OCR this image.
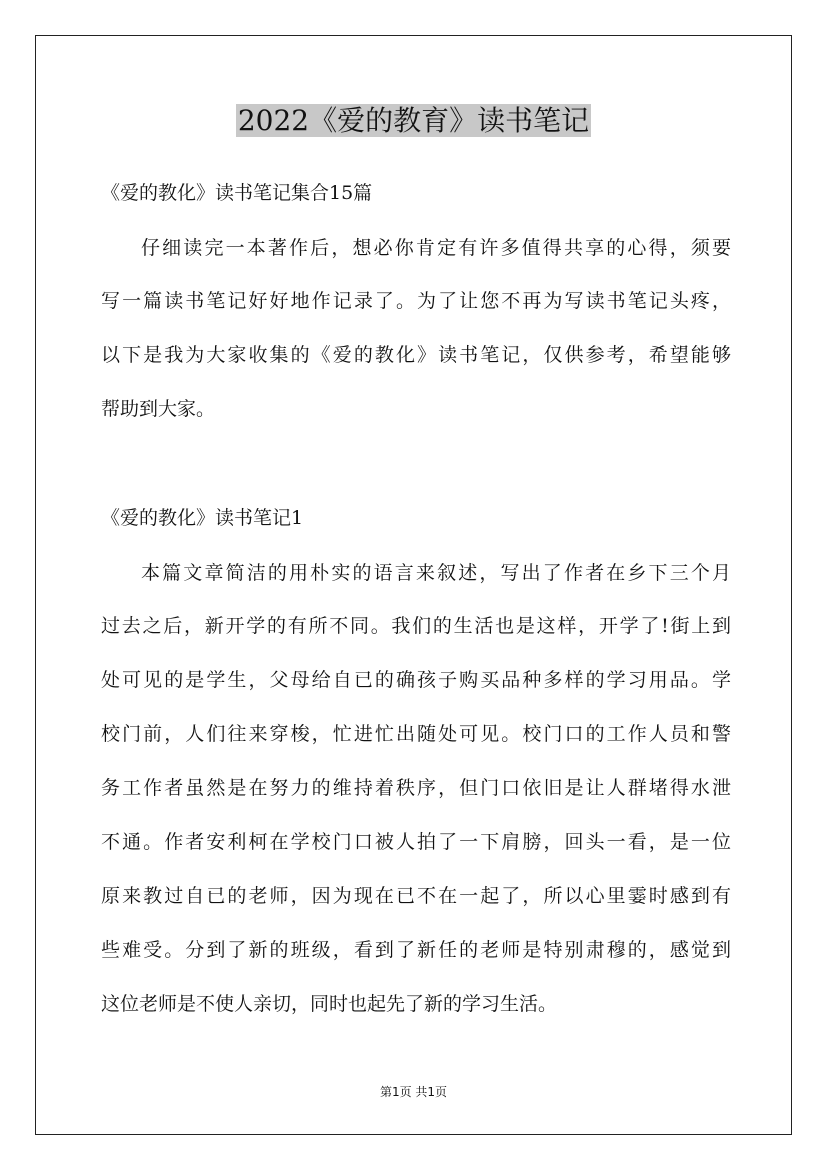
2022《爱的教育》读书笔记
《爱的教化》读书笔记集合15篇
仔细读完一本著作后，想必你肯定有许多值得共享的心得，须要
写一篇读书笔记好好地作记录了。为了让您不再为写读书笔记头疼，
以下是我为大家收集的《爱的教化》读书笔记，仅供参考，希望能够
帮助到大家。
《爱的教化》读书笔记1
本篇文章简洁的用朴实的语言来叙述，写出了作者在乡下三个月
过去之后，新开学的有所不同。我们的生活也是这样，开学了!街上到
处可见的是学生，父母给自已的确孩子购买品种多样的学习用品。学
校门前，人们往来穿梭，忙进忙出随处可见。校门口的工作人员和警
务工作者虽然是在努力的维持着秩序，但门口依旧是让人群堵得水泄
不通。作者安利柯在学校门口被人拍了一下肩膀，回头一看，是一位
原来教过自已的老师，因为现在已不在一起了，所以心里霎时感到有
些难受。分到了新的班级，看到了新任的老师是特别肃穆的，感觉到
这位老师是不使人亲切，同时也起先了新的学习生活。
第1页 共1页
